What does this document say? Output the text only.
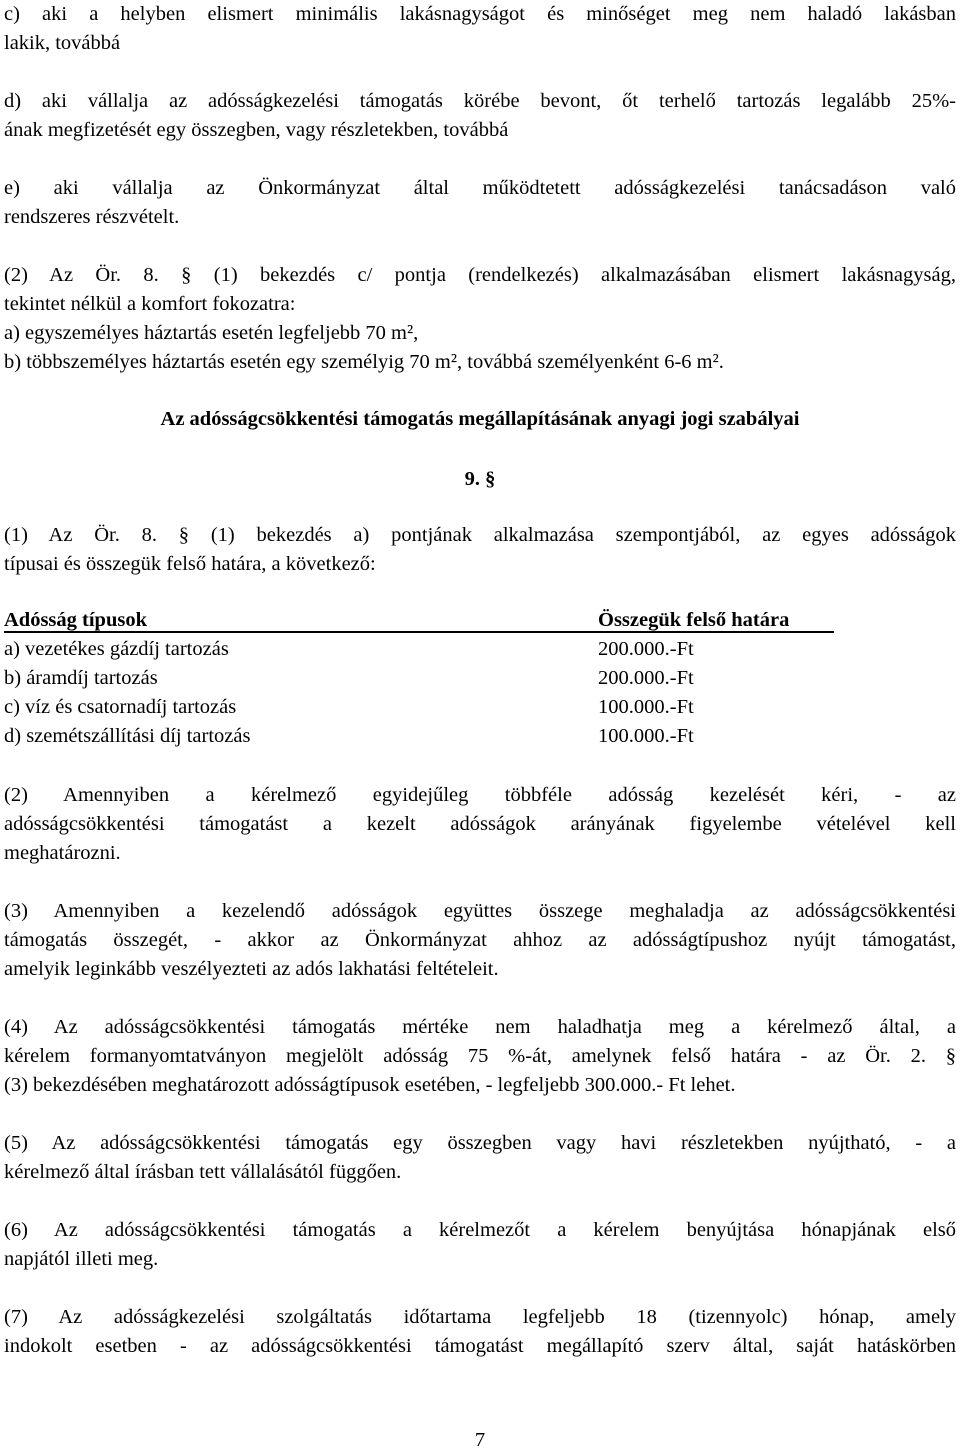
c) aki a helyben elismert minimális lakásnagyságot és minőséget meg nem haladó lakásban
lakik, továbbá
d) aki vállalja az adósságkezelési támogatás körébe bevont, őt terhelő tartozás legalább 25%-
ának megfizetését egy összegben, vagy részletekben, továbbá
e) aki vállalja az Önkormányzat által működtetett adósságkezelési tanácsadáson való
rendszeres részvételt.
(2) Az Ör. 8. § (1) bekezdés c/ pontja (rendelkezés) alkalmazásában elismert lakásnagyság,
tekintet nélkül a komfort fokozatra:
a) egyszemélyes háztartás esetén legfeljebb 70 m²,
b) többszemélyes háztartás esetén egy személyig 70 m², továbbá személyenként 6-6 m².
Az adósságcsökkentési támogatás megállapításának anyagi jogi szabályai
9. §
(1) Az Ör. 8. § (1) bekezdés a) pontjának alkalmazása szempontjából, az egyes adósságok
típusai és összegük felső határa, a következő:
Adósság típusok	Összegük felső határa
a) vezetékes gázdíj tartozás	200.000.-Ft
b) áramdíj tartozás	200.000.-Ft
c) víz és csatornadíj tartozás	100.000.-Ft
d) szemétszállítási díj tartozás	100.000.-Ft
(2) Amennyiben a kérelmező egyidejűleg többféle adósság kezelését kéri, - az
adósságcsökkentési támogatást a kezelt adósságok arányának figyelembe vételével kell
meghatározni.
(3) Amennyiben a kezelendő adósságok együttes összege meghaladja az adósságcsökkentési
támogatás összegét, - akkor az Önkormányzat ahhoz az adósságtípushoz nyújt támogatást,
amelyik leginkább veszélyezteti az adós lakhatási feltételeit.
(4) Az adósságcsökkentési támogatás mértéke nem haladhatja meg a kérelmező által, a
kérelem formanyomtatványon megjelölt adósság 75 %-át, amelynek felső határa - az Ör. 2. §
(3) bekezdésében meghatározott adósságtípusok esetében, - legfeljebb 300.000.- Ft lehet.
(5) Az adósságcsökkentési támogatás egy összegben vagy havi részletekben nyújtható, - a
kérelmező által írásban tett vállalásától függően.
(6) Az adósságcsökkentési támogatás a kérelmezőt a kérelem benyújtása hónapjának első
napjától illeti meg.
(7) Az adósságkezelési szolgáltatás időtartama legfeljebb 18 (tizennyolc) hónap, amely
indokolt esetben - az adósságcsökkentési támogatást megállapító szerv által, saját hatáskörben
7
